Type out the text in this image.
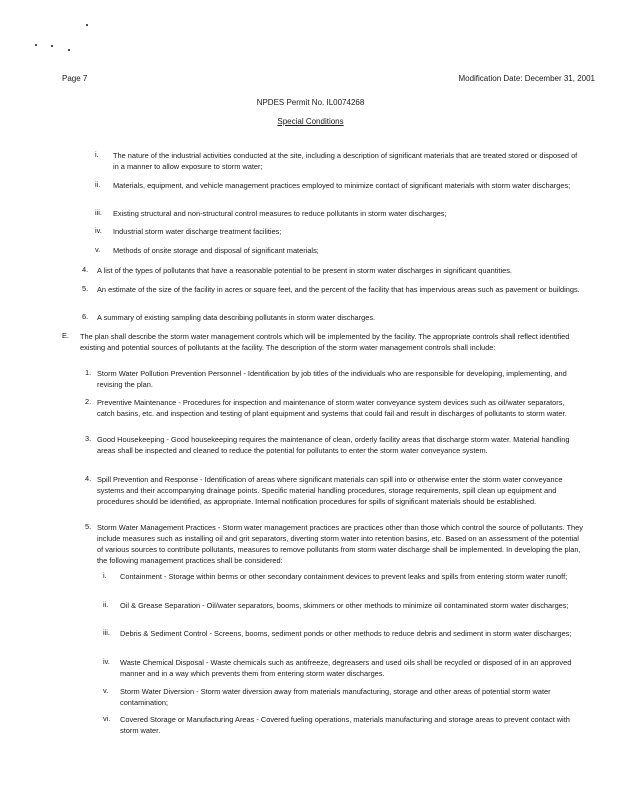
Page 7	Modification Date: December 31, 2001
NPDES Permit No. IL0074268
Special Conditions
i. The nature of the industrial activities conducted at the site, including a description of significant materials that are treated stored or disposed of in a manner to allow exposure to storm water;
ii. Materials, equipment, and vehicle management practices employed to minimize contact of significant materials with storm water discharges;
iii. Existing structural and non-structural control measures to reduce pollutants in storm water discharges;
iv. Industrial storm water discharge treatment facilities;
v. Methods of onsite storage and disposal of significant materials;
4. A list of the types of pollutants that have a reasonable potential to be present in storm water discharges in significant quantities.
5. An estimate of the size of the facility in acres or square feet, and the percent of the facility that has impervious areas such as pavement or buildings.
6. A summary of existing sampling data describing pollutants in storm water discharges.
E. The plan shall describe the storm water management controls which will be implemented by the facility. The appropriate controls shall reflect identified existing and potential sources of pollutants at the facility. The description of the storm water management controls shall include:
1. Storm Water Pollution Prevention Personnel - Identification by job titles of the individuals who are responsible for developing, implementing, and revising the plan.
2. Preventive Maintenance - Procedures for inspection and maintenance of storm water conveyance system devices such as oil/water separators, catch basins, etc. and inspection and testing of plant equipment and systems that could fail and result in discharges of pollutants to storm water.
3. Good Housekeeping - Good housekeeping requires the maintenance of clean, orderly facility areas that discharge storm water. Material handling areas shall be inspected and cleaned to reduce the potential for pollutants to enter the storm water conveyance system.
4. Spill Prevention and Response - Identification of areas where significant materials can spill into or otherwise enter the storm water conveyance systems and their accompanying drainage points. Specific material handling procedures, storage requirements, spill clean up equipment and procedures should be identified, as appropriate. Internal notification procedures for spills of significant materials should be established.
5. Storm Water Management Practices - Storm water management practices are practices other than those which control the source of pollutants. They include measures such as installing oil and grit separators, diverting storm water into retention basins, etc. Based on an assessment of the potential of various sources to contribute pollutants, measures to remove pollutants from storm water discharge shall be implemented. In developing the plan, the following management practices shall be considered:
i. Containment - Storage within berms or other secondary containment devices to prevent leaks and spills from entering storm water runoff;
ii. Oil & Grease Separation - Oil/water separators, booms, skimmers or other methods to minimize oil contaminated storm water discharges;
iii. Debris & Sediment Control - Screens, booms, sediment ponds or other methods to reduce debris and sediment in storm water discharges;
iv. Waste Chemical Disposal - Waste chemicals such as antifreeze, degreasers and used oils shall be recycled or disposed of in an approved manner and in a way which prevents them from entering storm water discharges.
v. Storm Water Diversion - Storm water diversion away from materials manufacturing, storage and other areas of potential storm water contamination;
vi. Covered Storage or Manufacturing Areas - Covered fueling operations, materials manufacturing and storage areas to prevent contact with storm water.
